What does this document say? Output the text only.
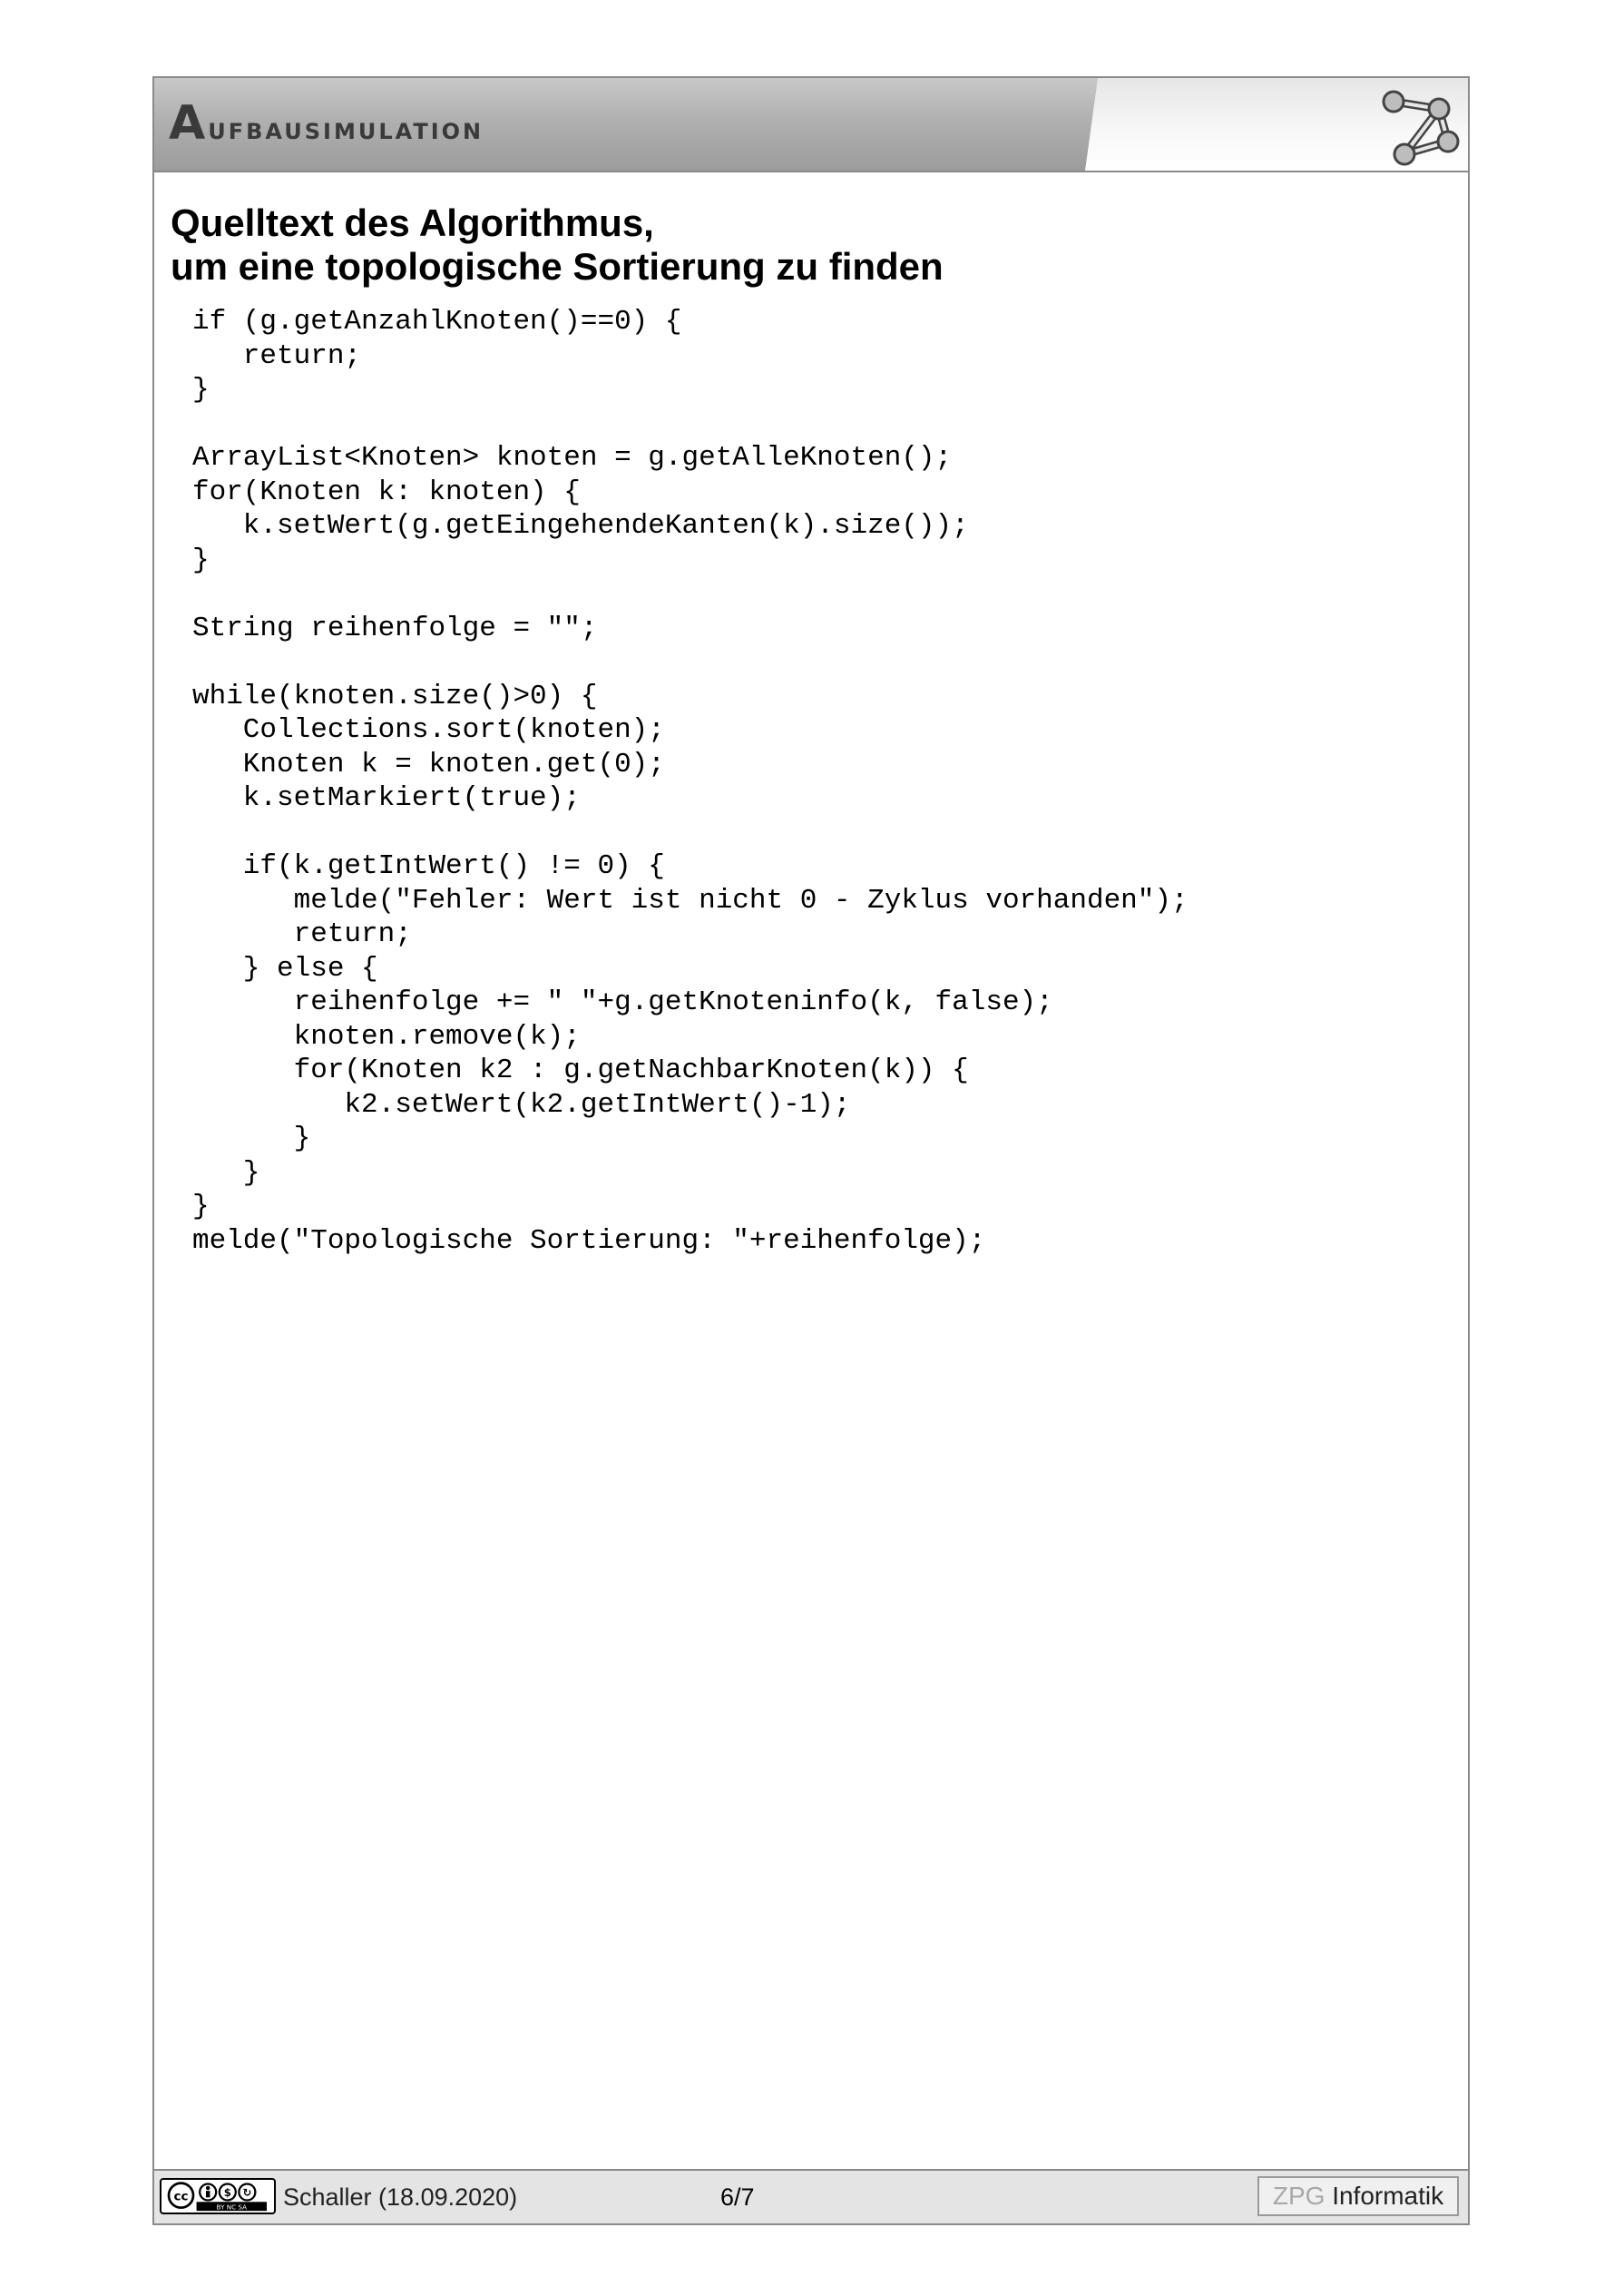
Aufbausimulation
Quelltext des Algorithmus,
um eine topologische Sortierung zu finden
if (g.getAnzahlKnoten()==0) {
return;
}
ArrayList<Knoten> knoten = g.getAlleKnoten();
for(Knoten k: knoten) {
k.setWert(g.getEingehendeKanten(k).size());
}
String reihenfolge = "";
while(knoten.size()>0) {
Collections.sort(knoten);
Knoten k = knoten.get(0);
k.setMarkiert(true);
if(k.getIntWert() != 0) {
melde("Fehler: Wert ist nicht 0 - Zyklus vorhanden");
return;
} else {
reihenfolge += " "+g.getKnoteninfo(k, false);
knoten.remove(k);
for(Knoten k2 : g.getNachbarKnoten(k)) {
k2.setWert(k2.getIntWert()-1);
}
}
}
melde("Topologische Sortierung: "+reihenfolge);
cc	$ ↻
BY NC SA Schaller (18.09.2020)	6/7	ZPG Informatik
